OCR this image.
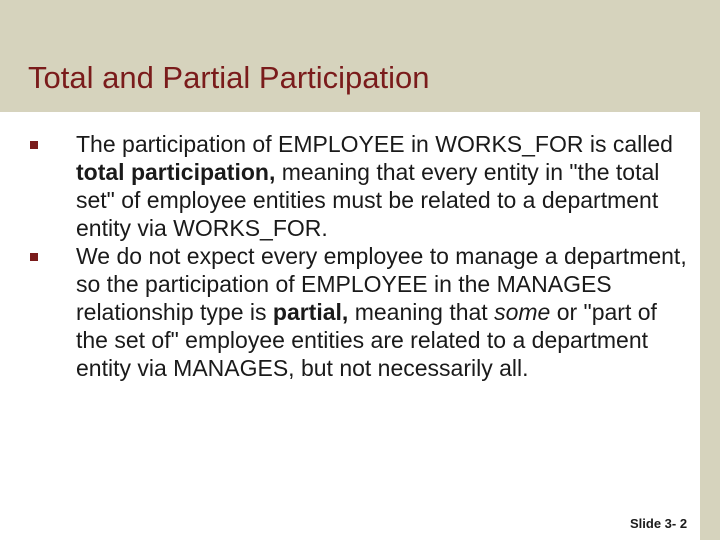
Total and Partial Participation
The participation of EMPLOYEE in WORKS_FOR is called total participation, meaning that every entity in "the total set" of employee entities must be related to a department entity via WORKS_FOR.
We do not expect every employee to manage a department, so the participation of EMPLOYEE in the MANAGES relationship type is partial, meaning that some or "part of the set of" employee entities are related to a department entity via MANAGES, but not necessarily all.
Slide 3- 2
